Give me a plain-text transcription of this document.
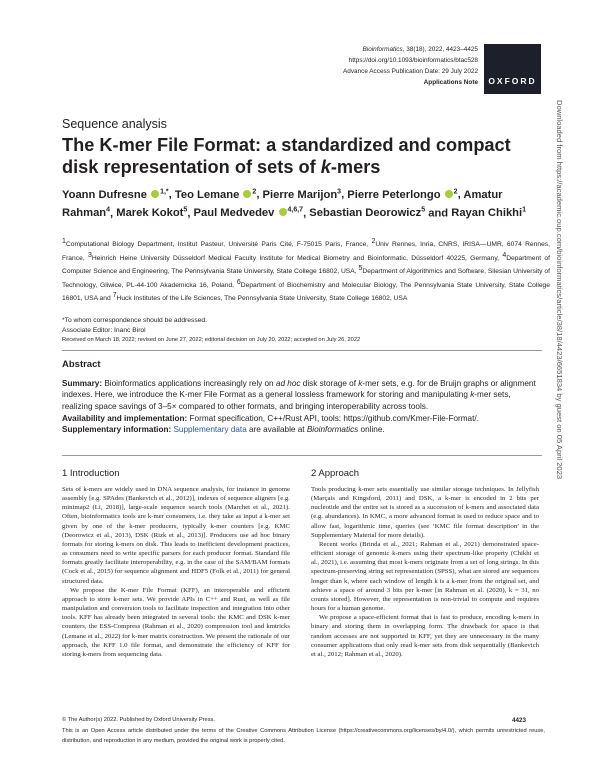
Bioinformatics, 38(18), 2022, 4423–4425
https://doi.org/10.1093/bioinformatics/btac528
Advance Access Publication Date: 29 July 2022
Applications Note OXFORD
Sequence analysis
The K-mer File Format: a standardized and compact disk representation of sets of k-mers
Yoann Dufresne $^{1,*}$, Teo Lemane $^2$, Pierre Marijon$^3$, Pierre Peterlongo $^2$, Amatur Rahman$^4$, Marek Kokot$^5$, Paul Medvedev $^{4,6,7}$, Sebastian Deorowicz$^5$ and Rayan Chikhi$^1$
$^1$Computational Biology Department, Institut Pasteur, Université Paris Cité, F-75015 Paris, France, $^2$Univ Rennes, Inria, CNRS, IRISA—UMR, 6074 Rennes, France, $^3$Heinrich Heine University Düsseldorf Medical Faculty Institute for Medical Biometry and Bioinformatic, Düsseldorf 40225, Germany, $^4$Department of Computer Science and Engineering, The Pennsylvania State University, State College 16802, USA, $^5$Department of Algorithmics and Software, Silesian University of Technology, Gliwice, PL-44-100 Akademicka 16, Poland, $^6$Department of Biochemistry and Molecular Biology, The Pennsylvania State University, State College 16801, USA and $^7$Huck Institutes of the Life Sciences, The Pennsylvania State University, State College 16802, USA
*To whom correspondence should be addressed.
Associate Editor: Inanc Birol
Received on March 18, 2022; revised on June 27, 2022; editorial decision on July 20, 2022; accepted on July 26, 2022
Abstract

Summary: Bioinformatics applications increasingly rely on ad hoc disk storage of k-mer sets, e.g. for de Bruijn graphs or alignment indexes. Here, we introduce the K-mer File Format as a general lossless framework for storing and manipulating k-mer sets, realizing space savings of 3–5× compared to other formats, and bringing interoperability across tools.

Availability and implementation: Format specification, C++/Rust API, tools: https://github.com/Kmer-File-Format/.

Supplementary information: Supplementary data are available at Bioinformatics online.

1 Introduction

Sets of k-mers are widely used in DNA sequence analysis, for instance in genome assembly [e.g. SPAdes (Bankevich et al., 2012)], indexes of sequence aligners [e.g. minimap2 (Li, 2018)], large-scale sequence search tools (Marchet et al., 2021). Often, bioinformatics tools are k-mer consumers, i.e. they take as input a k-mer set given by one of the k-mer producers, typically k-mer counters [e.g. KMC (Deorowicz et al., 2013), DSK (Rizk et al., 2013)]. Producers use ad hoc binary formats for storing k-mers on disk. This leads to inefficient development practices, as consumers need to write specific parsers for each producer format. Standard file formats greatly facilitate interoperability, e.g. in the case of the SAM/BAM formats (Cock et al., 2015) for sequence alignment and HDF5 (Folk et al., 2011) for general structured data.

We propose the K-mer File Format (KFF), an interoperable and efficient approach to store k-mer sets. We provide APIs in C++ and Rust, as well as file manipulation and conversion tools to facilitate inspection and integration into other tools. KFF has already been integrated in several tools: the KMC and DSK k-mer counters, the ESS-Compress (Rahman et al., 2020) compression tool and kmtricks (Lemane et al., 2022) for k-mer matrix construction. We present the rationale of our approach, the KFF 1.0 file format, and demonstrate the efficiency of KFF for storing k-mers from sequencing data.

2 Approach

Tools producing k-mer sets essentially use similar storage techniques. In Jellyfish (Marçais and Kingsford, 2011) and DSK, a k-mer is encoded in 2 bits per nucleotide and the entire set is stored as a succession of k-mers and associated data (e.g. abundances). In KMC, a more advanced format is used to reduce space and to allow fast, logarithmic time, queries (see ‘KMC file format description’ in the Supplementary Material for more details).

Recent works (Brinda et al., 2021; Rahman et al., 2021) demonstrated space-efficient storage of genomic k-mers using their spectrum-like property (Chikhi et al., 2021), i.e. assuming that most k-mers originate from a set of long strings. In this spectrum-preserving string set representation (SPSS), what are stored are sequences longer than k, where each window of length k is a k-mer from the original set, and achieve a space of around 3 bits per k-mer [in Rahman et al. (2020), k = 31, no counts stored]. However, the representation is non-trivial to compute and requires hours for a human genome.

We propose a space-efficient format that is fast to produce, encoding k-mers in binary and storing them in overlapping form. The drawback for space is that random accesses are not supported in KFF, yet they are unnecessary in the many consumer applications that only read k-mer sets from disk sequentially (Bankevich et al., 2012; Rahman et al., 2020).

© The Author(s) 2022. Published by Oxford University Press.	4423
This is an Open Access article distributed under the terms of the Creative Commons Attribution License (https://creativecommons.org/licenses/by/4.0/), which permits unrestricted reuse, distribution, and reproduction in any medium, provided the original work is properly cited.
Downloaded from https://academic.oup.com/bioinformatics/article/38/18/4423/6651834 by guest on 05 April 2023
